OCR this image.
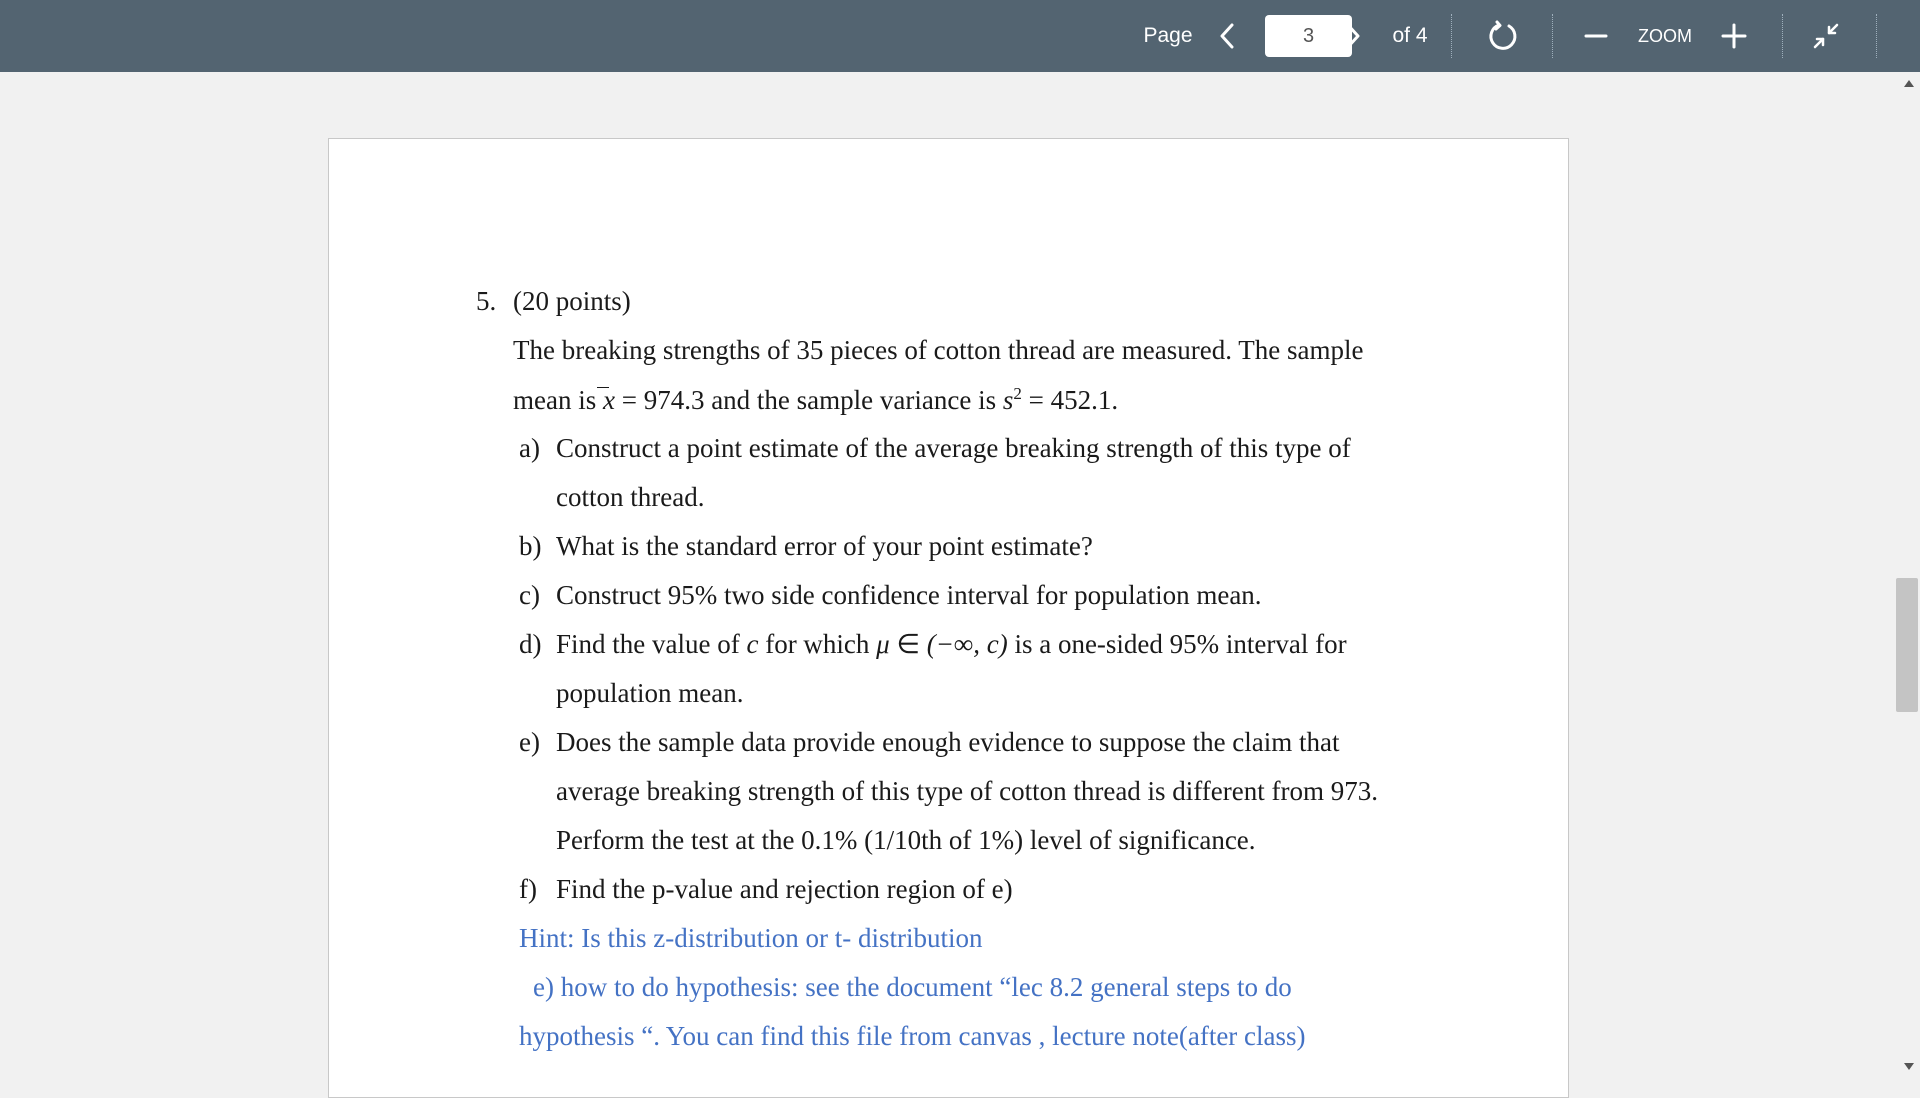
Page
3	of 4	ZOOM
5. (20 points)
The breaking strengths of 35 pieces of cotton thread are measured. The sample
mean is x = 974.3 and the sample variance is $s^2 = 452.1$.
a) Construct a point estimate of the average breaking strength of this type of
cotton thread.
b) What is the standard error of your point estimate?
c) Construct 95% two side confidence interval for population mean.
d) Find the value of c for which μ ∈ (−∞, c) is a one-sided 95% interval for
population mean.
e) Does the sample data provide enough evidence to suppose the claim that
average breaking strength of this type of cotton thread is different from 973.
Perform the test at the 0.1% (1/10th of 1%) level of significance.
f) Find the p-value and rejection region of e)
Hint: Is this z-distribution or t- distribution
e) how to do hypothesis: see the document “lec 8.2 general steps to do
hypothesis “. You can find this file from canvas , lecture note(after class)
